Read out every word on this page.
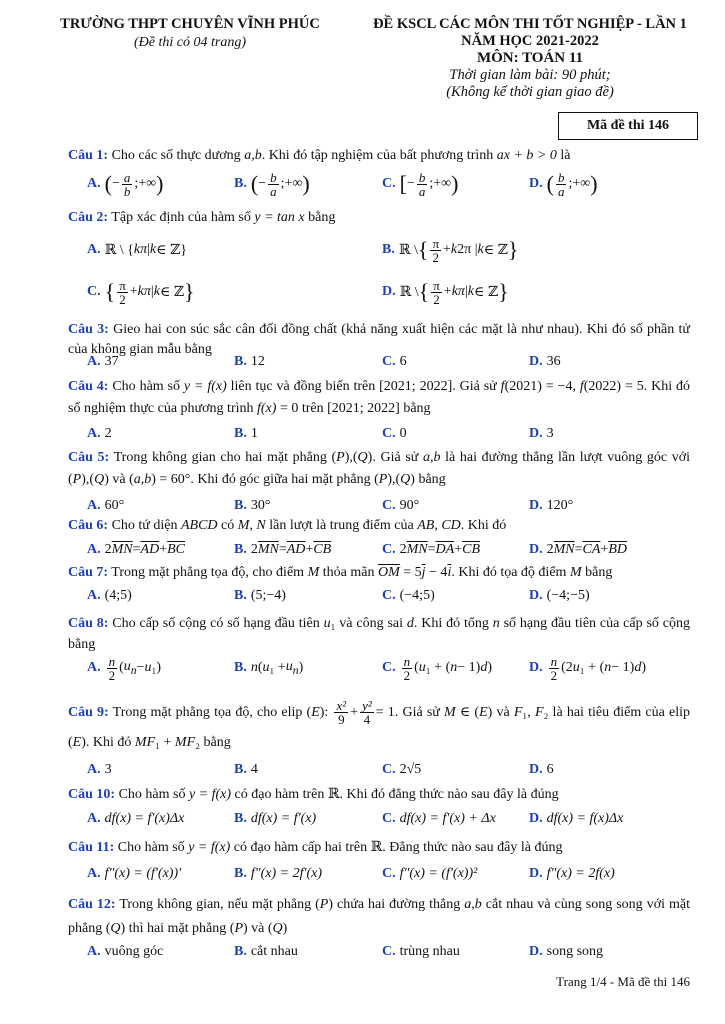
TRƯỜNG THPT CHUYÊN VĨNH PHÚC
(Đề thi có 04 trang)
ĐỀ KSCL CÁC MÔN THI TỐT NGHIỆP - LẦN 1
NĂM HỌC 2021-2022
MÔN: TOÁN 11
Thời gian làm bài: 90 phút;
(Không kể thời gian giao đề)
Mã đề thi 146
Câu 1: Cho các số thực dương a,b. Khi đó tập nghiệm của bất phương trình ax + b > 0 là
A. ( − $\frac{a}{b}$ ;+∞ )	B. ( − $\frac{b}{a}$ ;+∞ )	C. [ − $\frac{b}{a}$ ;+∞ )	D. ( $\frac{b}{a}$ ;+∞ )
Câu 2: Tập xác định của hàm số y = tan x bằng
A. ℝ \ { kπ | k ∈ ℤ}	B. ℝ \ { $\frac{\pi}{2} + k$ 2π | k ∈ ℤ }
C. { $\frac{\pi}{2} + k\pi$ | k ∈ ℤ }	D. ℝ \ { $\frac{\pi}{2} + k\pi$ | k ∈ ℤ }
Câu 3: Gieo hai con súc sắc cân đối đồng chất (khả năng xuất hiện các mặt là như nhau). Khi đó số phần tử của không gian mẫu bằng
A. 37	B. 12	C. 6	D. 36
Câu 4: Cho hàm số y = f(x) liên tục và đồng biến trên [2021; 2022]. Giả sử f(2021) = −4, f(2022) = 5. Khi đó số nghiệm thực của phương trình f(x) = 0 trên [2021; 2022] bằng
A. 2	B. 1	C. 0	D. 3
Câu 5: Trong không gian cho hai mặt phẳng (P),(Q). Giả sử a,b là hai đường thẳng lần lượt vuông góc với (P),(Q) và (a,b) = 60°. Khi đó góc giữa hai mặt phẳng (P),(Q) bằng
A. 60°	B. 30°	C. 90°	D. 120°
Câu 6: Cho tứ diện ABCD có M, N lần lượt là trung điểm của AB, CD. Khi đó
A. 2 $\overline{MN} = \overline{AD} + \overline{BC}$	B. 2 $\overline{MN} = \overline{AD} + \overline{CB}$	C. 2 $\overline{MN} = \overline{DA} + \overline{CB}$	D. 2 $\overline{MN} = \overline{CA} + \overline{BD}$
Câu 7: Trong mặt phẳng tọa độ, cho điểm M thỏa mãn $\overline{OM} = 5\overline{j} - 4\overline{i}$. Khi đó tọa độ điểm M bằng
A. (4;5)	B. (5;−4)	C. (−4;5)	D. (−4;−5)
Câu 8: Cho cấp số cộng có số hạng đầu tiên u₁ và công sai d. Khi đó tổng n số hạng đầu tiên của cấp số cộng bằng
A. $\frac{n}{2}$ ( $u_n - u$ ₁)	B. n ( u $_1 + u_n$ )	C. $\frac{n}{2}$ ( u ₁ + ( n − 1) d )	D. $\frac{n}{2} (2$ u ₁ + ( n − 1) d )
Câu 9: Trong mặt phẳng tọa độ, cho elip (E): $\frac{\text{x²}}{9} + \frac{\text{y²}}{4} = 1$. Giả sử M ∈ (E) và F₁, F₂ là hai tiêu điểm của elip (E). Khi đó MF₁ + MF₂ bằng
A. 3	B. 4	C. 2√5	D. 6
Câu 10: Cho hàm số y = f(x) có đạo hàm trên ℝ. Khi đó đẳng thức nào sau đây là đúng
A. df(x) = f'(x)Δx	B. df(x) = f'(x)	C. df(x) = f'(x) + Δx D. df(x) = f(x)Δx
Câu 11: Cho hàm số y = f(x) có đạo hàm cấp hai trên ℝ. Đẳng thức nào sau đây là đúng
A. f"(x) = (f'(x))'	B. f"(x) = 2f'(x)	C. f"(x) = (f'(x))²	D. f"(x) = 2f(x)
Câu 12: Trong không gian, nếu mặt phẳng (P) chứa hai đường thẳng a,b cắt nhau và cùng song song với mặt phẳng (Q) thì hai mặt phẳng (P) và (Q)
A. vuông góc	B. cắt nhau	C. trùng nhau	D. song song
Trang 1/4 - Mã đề thi 146
